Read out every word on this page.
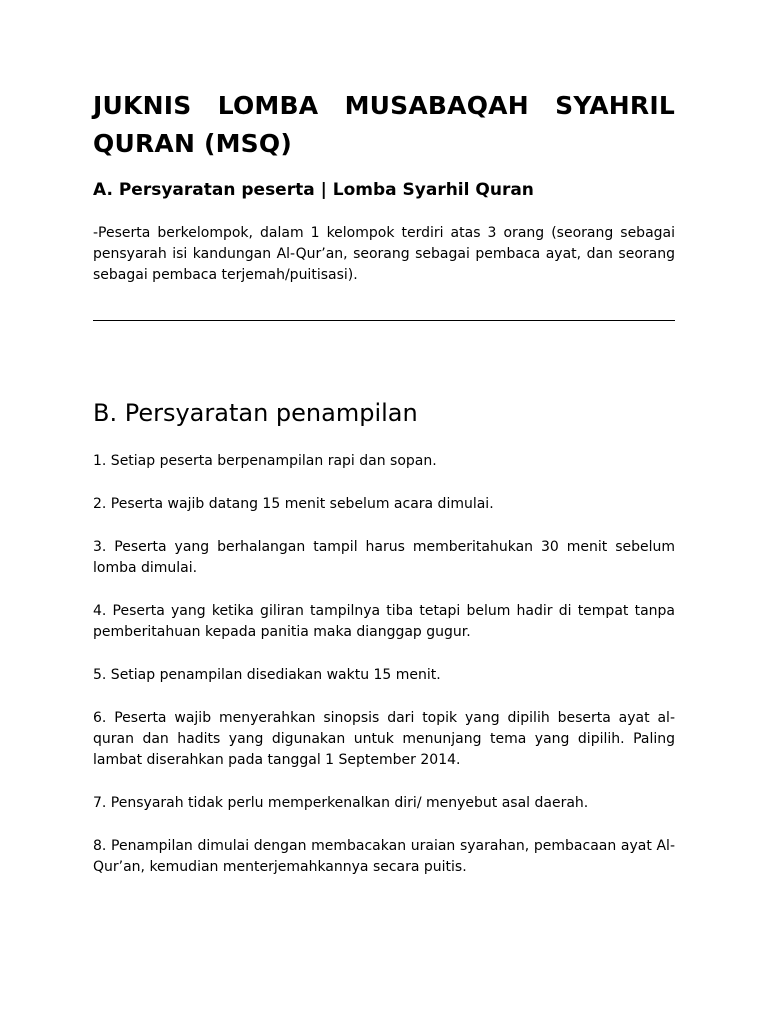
JUKNIS LOMBA MUSABAQAH SYAHRIL QURAN (MSQ)
A. Persyaratan peserta | Lomba Syarhil Quran

-Peserta berkelompok, dalam 1 kelompok terdiri atas 3 orang (seorang sebagai pensyarah isi kandungan Al-Qur’an, seorang sebagai pembaca ayat, dan seorang sebagai pembaca terjemah/puitisasi).

B. Persyaratan penampilan
1. Setiap peserta berpenampilan rapi dan sopan.
2. Peserta wajib datang 15 menit sebelum acara dimulai.
3. Peserta yang berhalangan tampil harus memberitahukan 30 menit sebelum lomba dimulai.
4. Peserta yang ketika giliran tampilnya tiba tetapi belum hadir di tempat tanpa pemberitahuan kepada panitia maka dianggap gugur.
5. Setiap penampilan disediakan waktu 15 menit.
6. Peserta wajib menyerahkan sinopsis dari topik yang dipilih beserta ayat al-quran dan hadits yang digunakan untuk menunjang tema yang dipilih. Paling lambat diserahkan pada tanggal 1 September 2014.
7. Pensyarah tidak perlu memperkenalkan diri/ menyebut asal daerah.
8. Penampilan dimulai dengan membacakan uraian syarahan, pembacaan ayat Al-Qur’an, kemudian menterjemahkannya secara puitis.
